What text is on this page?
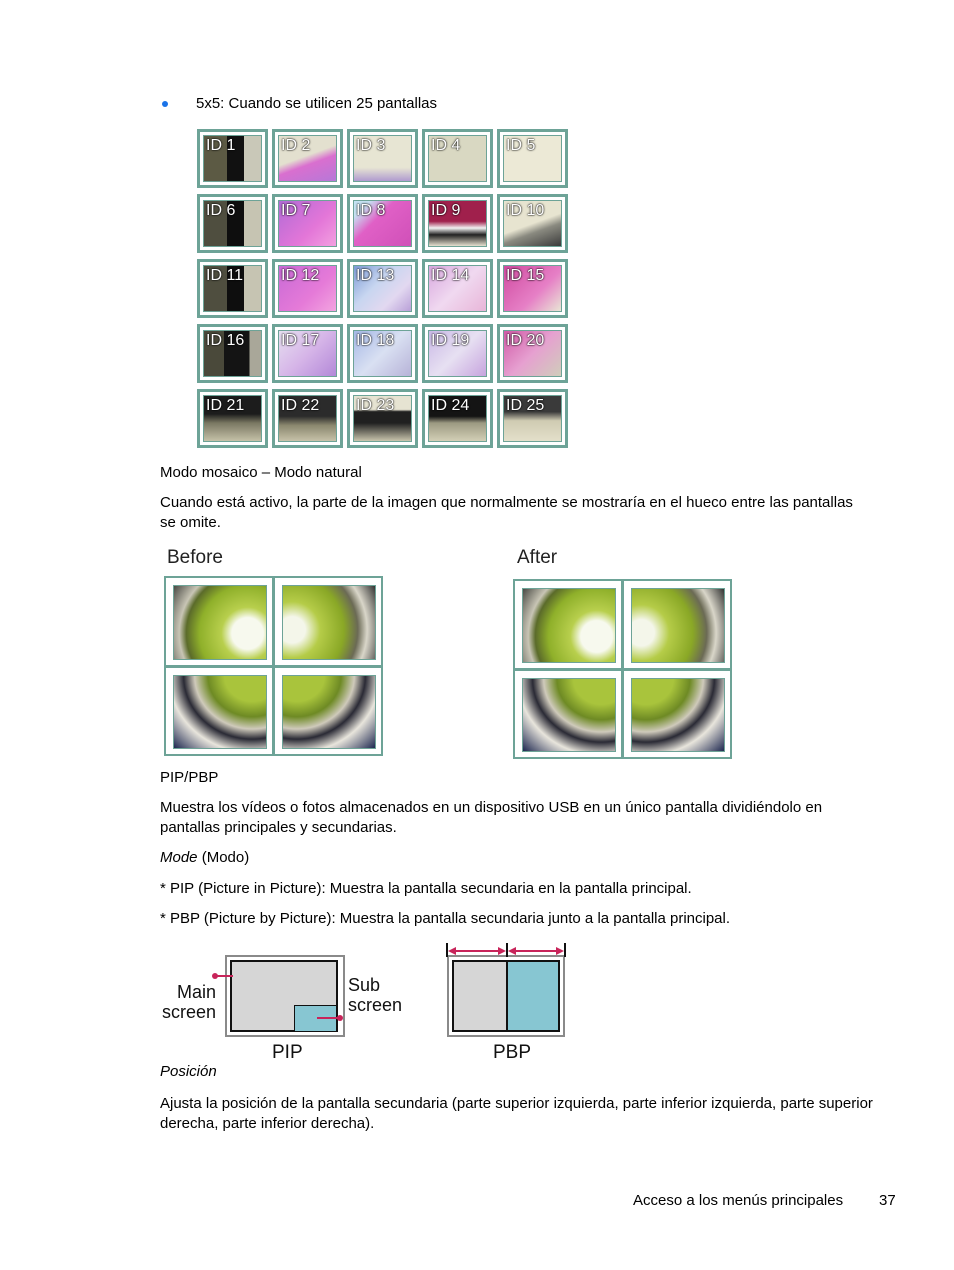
5x5: Cuando se utilicen 25 pantallas

ID 1	ID 2	ID 3	ID 4	ID 5
ID 6	ID 7	ID 8	ID 9	ID 10
ID 11 ID 12 ID 13 ID 14 ID 15
ID 16 ID 17 ID 18 ID 19 ID 20
ID 21 ID 22 ID 23 ID 24 ID 25

Modo mosaico – Modo natural

Cuando está activo, la parte de la imagen que normalmente se mostraría en el hueco entre las pantallas se omite.

Before	After

PIP/PBP

Muestra los vídeos o fotos almacenados en un dispositivo USB en un único pantalla dividiéndolo en pantallas principales y secundarias.

Mode (Modo)

* PIP (Picture in Picture): Muestra la pantalla secundaria en la pantalla principal.

* PBP (Picture by Picture): Muestra la pantalla secundaria junto a la pantalla principal.

Main
screen
Sub
screen
PIP	PBP

Posición

Ajusta la posición de la pantalla secundaria (parte superior izquierda, parte inferior izquierda, parte superior derecha, parte inferior derecha).

Acceso a los menús principales 37
